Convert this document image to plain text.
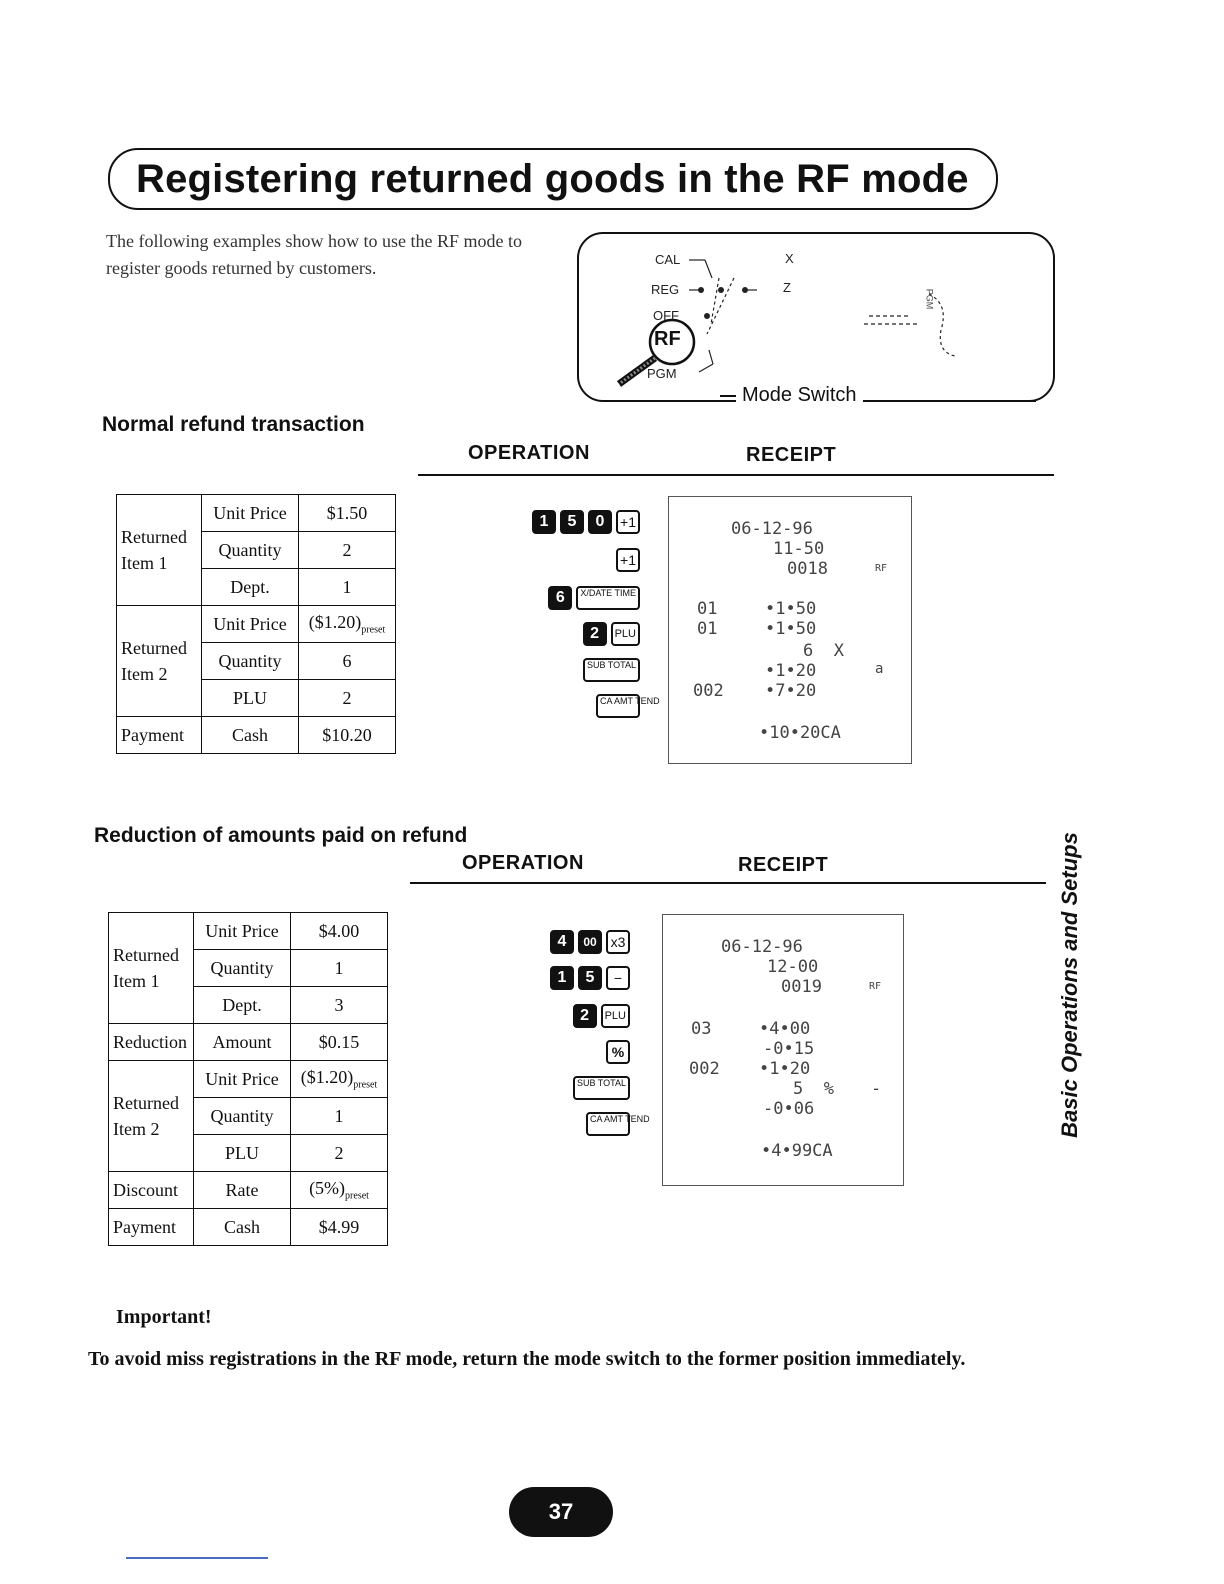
Registering returned goods in the RF mode
The following examples show how to use the RF mode to register goods returned by customers.	CAL
REG
OFF
RF
PGM
X
Z
PGM
Mode Switch
Normal refund transaction
OPERATION	RECEIPT
Returned Item 1	Unit Price	$1.50
	Quantity	2
	Dept.	1
Returned Item 2	Unit Price	$(\$1.20)_{preset}$
	Quantity	6
	PLU	2
Payment	Cash	$10.20
1 5 0 +1
+1
6 X/DATE TIME
2 PLU
SUB TOTAL
CA AMT TEND
06-12-96
11-50
0018	RF
01	•1•50
01	•1•50
6  X
•1•20	a
002 •7•20
•10•20CA
Reduction of amounts paid on refund
OPERATION	RECEIPT
Returned Item 1	Unit Price	$4.00
	Quantity	1
	Dept.	3
Reduction	Amount	$0.15
Returned Item 2	Unit Price	$(\$1.20)_{preset}$
	Quantity	1
	PLU	2
Discount	Rate	$(5\%)_{preset}$
Payment	Cash	$4.99
4 00 x3
1 5 −
2 PLU
%
SUB TOTAL
CA AMT TEND
06-12-96
12-00
0019	RF
03	•4•00
-0•15
002 •1•20
5  % -
-0•06
•4•99CA
Important!
To avoid miss registrations in the RF mode, return the mode switch to the former position immediately.
Basic Operations and Setups
37
